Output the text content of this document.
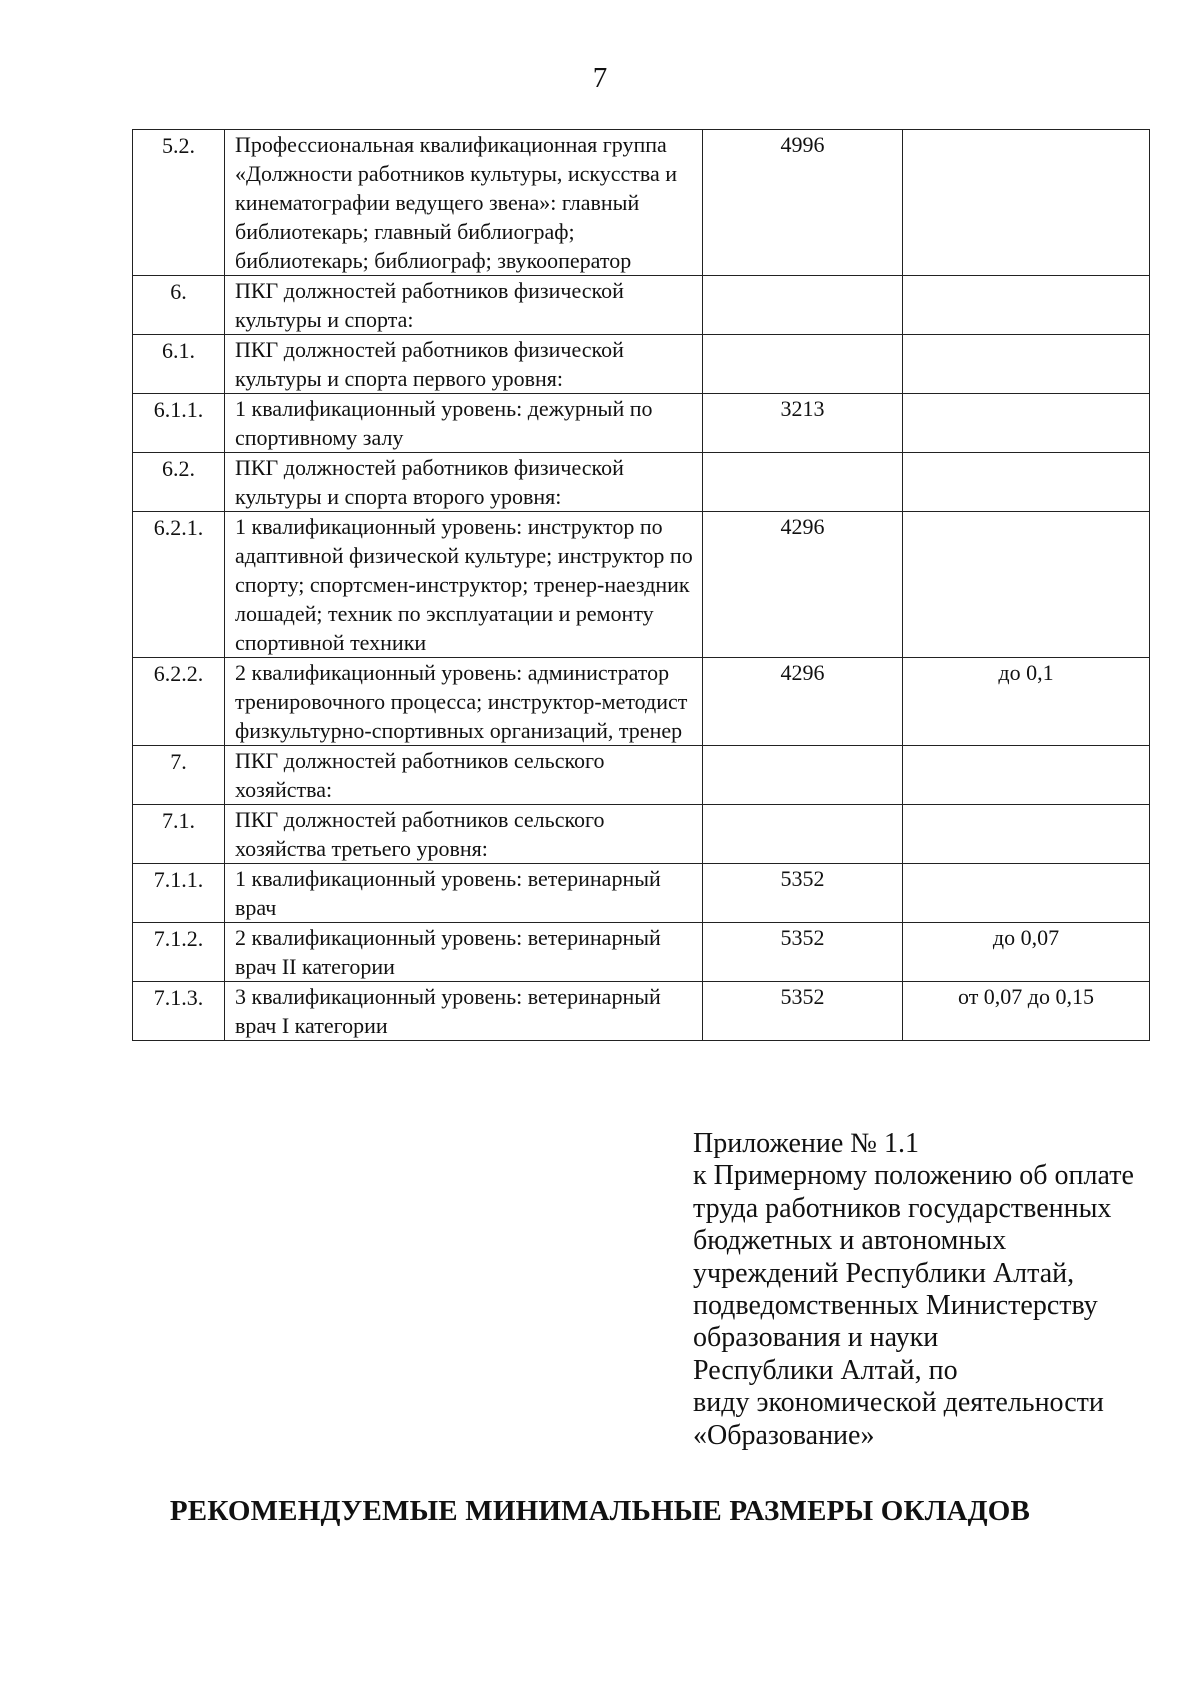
7
5.2.	Профессиональная квалификационная группа «Должности работников культуры, искусства и кинематографии ведущего звена»: главный библиотекарь; главный библиограф; библиотекарь; библиограф; звукооператор	4996	
6.	ПКГ должностей работников физической культуры и спорта:		
6.1.	ПКГ должностей работников физической культуры и спорта первого уровня:		
6.1.1.	1 квалификационный уровень: дежурный по спортивному залу	3213	
6.2.	ПКГ должностей работников физической культуры и спорта второго уровня:		
6.2.1.	1 квалификационный уровень: инструктор по адаптивной физической культуре; инструктор по спорту; спортсмен-инструктор; тренер-наездник лошадей; техник по эксплуатации и ремонту спортивной техники	4296	
6.2.2.	2 квалификационный уровень: администратор тренировочного процесса; инструктор-методист физкультурно-спортивных организаций, тренер	4296	до 0,1
7.	ПКГ должностей работников сельского хозяйства:		
7.1.	ПКГ должностей работников сельского хозяйства третьего уровня:		
7.1.1.	1 квалификационный уровень: ветеринарный врач	5352	
7.1.2.	2 квалификационный уровень: ветеринарный врач II категории	5352	до 0,07
7.1.3.	3 квалификационный уровень: ветеринарный врач I категории	5352	от 0,07 до 0,15
Приложение № 1.1
к Примерному положению об оплате
труда работников государственных
бюджетных и автономных
учреждений Республики Алтай,
подведомственных Министерству
образования и науки
Республики Алтай, по
виду экономической деятельности
«Образование»
РЕКОМЕНДУЕМЫЕ МИНИМАЛЬНЫЕ РАЗМЕРЫ ОКЛАДОВ
